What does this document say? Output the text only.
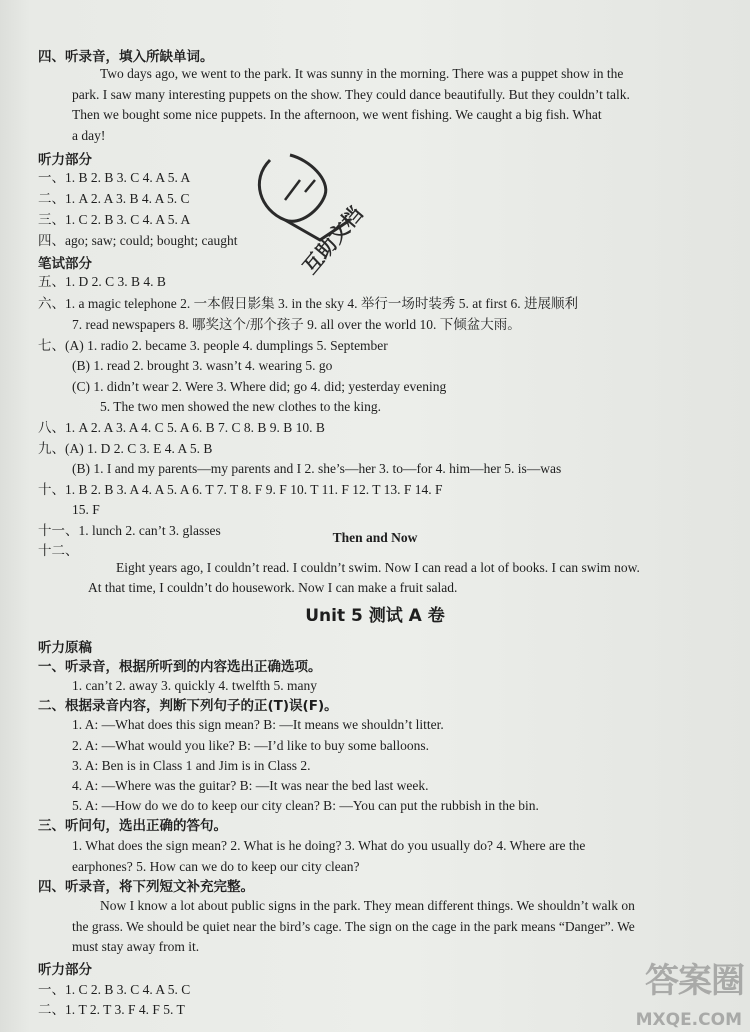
四、听录音，填入所缺单词。
Two days ago, we went to the park. It was sunny in the morning. There was a puppet show in the
park. I saw many interesting puppets on the show. They could dance beautifully. But they couldn’t talk.
Then we bought some nice puppets. In the afternoon, we went fishing. We caught a big fish. What
a day!
听力部分
一、1. B 2. B 3. C 4. A 5. A
二、1. A 2. A 3. B 4. A 5. C
三、1. C 2. B 3. C 4. A 5. A
四、ago; saw; could; bought; caught
笔试部分
五、1. D 2. C 3. B 4. B
六、1. a magic telephone 2. 一本假日影集 3. in the sky 4. 举行一场时装秀 5. at first 6. 进展顺利
7. read newspapers 8. 哪奖这个/那个孩子 9. all over the world 10. 下倾盆大雨。
七、(A) 1. radio 2. became 3. people 4. dumplings 5. September
(B) 1. read 2. brought 3. wasn’t 4. wearing 5. go
(C) 1. didn’t wear 2. Were 3. Where did; go 4. did; yesterday evening
5. The two men showed the new clothes to the king.
八、1. A 2. A 3. A 4. C 5. A 6. B 7. C 8. B 9. B 10. B
九、(A) 1. D 2. C 3. E 4. A 5. B
(B) 1. I and my parents—my parents and I 2. she’s—her 3. to—for 4. him—her 5. is—was
十、1. B 2. B 3. A 4. A 5. A 6. T 7. T 8. F 9. F 10. T 11. F 12. T 13. F 14. F
15. F
十一、1. lunch 2. can’t 3. glasses
十二、
Then and Now
Eight years ago, I couldn’t read. I couldn’t swim. Now I can read a lot of books. I can swim now.
At that time, I couldn’t do housework. Now I can make a fruit salad.
Unit 5 测试 A 卷
听力原稿
一、听录音，根据所听到的内容选出正确选项。
1. can’t 2. away 3. quickly 4. twelfth 5. many
二、根据录音内容，判断下列句子的正(T)误(F)。
1. A: —What does this sign mean? B: —It means we shouldn’t litter.
2. A: —What would you like? B: —I’d like to buy some balloons.
3. A: Ben is in Class 1 and Jim is in Class 2.
4. A: —Where was the guitar? B: —It was near the bed last week.
5. A: —How do we do to keep our city clean? B: —You can put the rubbish in the bin.
三、听问句，选出正确的答句。
1. What does the sign mean? 2. What is he doing? 3. What do you usually do? 4. Where are the
earphones? 5. How can we do to keep our city clean?
四、听录音，将下列短文补充完整。
Now I know a lot about public signs in the park. They mean different things. We shouldn’t walk on
the grass. We should be quiet near the bird’s cage. The sign on the cage in the park means “Danger”. We
must stay away from it.
听力部分
一、1. C 2. B 3. C 4. A 5. C
二、1. T 2. T 3. F 4. F 5. T
互助文档
答案圈
MXQE.COM
